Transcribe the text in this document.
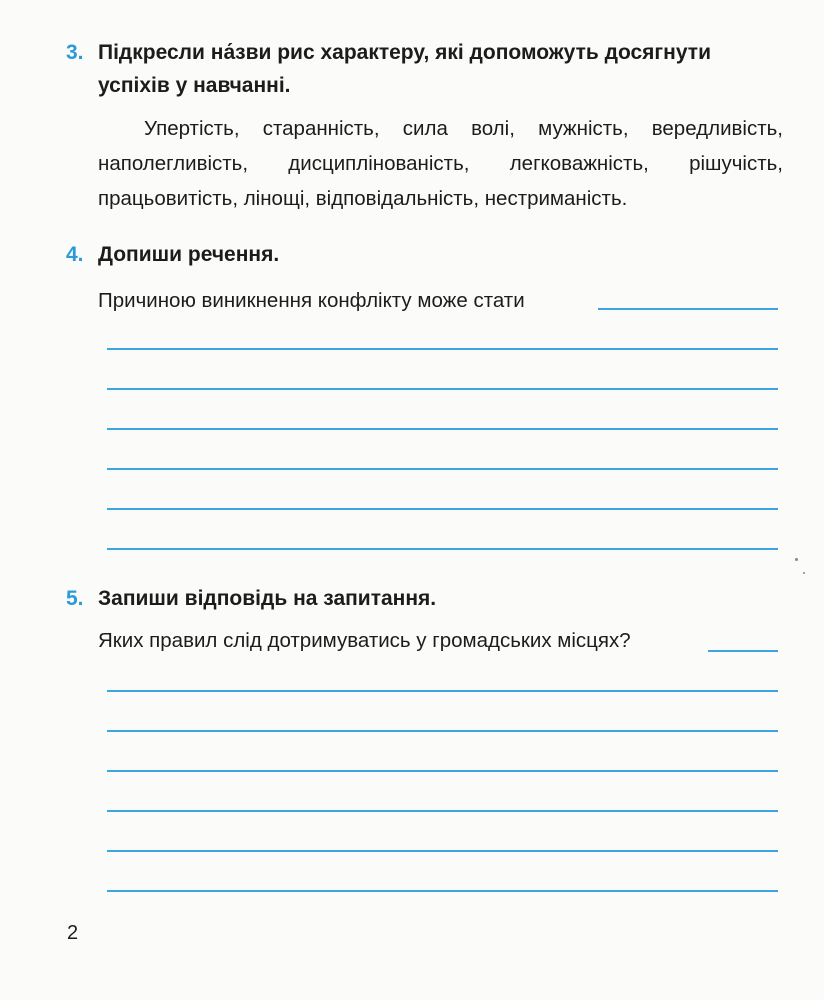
3. Підкресли на́зви рис характеру, які допоможуть досягнути
успіхів у навчанні.
Упертість, старанність, сила волі, мужність, вередливість, наполегливість, дисциплінованість, легковажність, рішучість, працьовитість, лінощі, відповідальність, нестриманість.
4. Допиши речення.
Причиною виникнення конфлікту може стати
5. Запиши відповідь на запитання.
Яких правил слід дотримуватись у громадських місцях?
2
